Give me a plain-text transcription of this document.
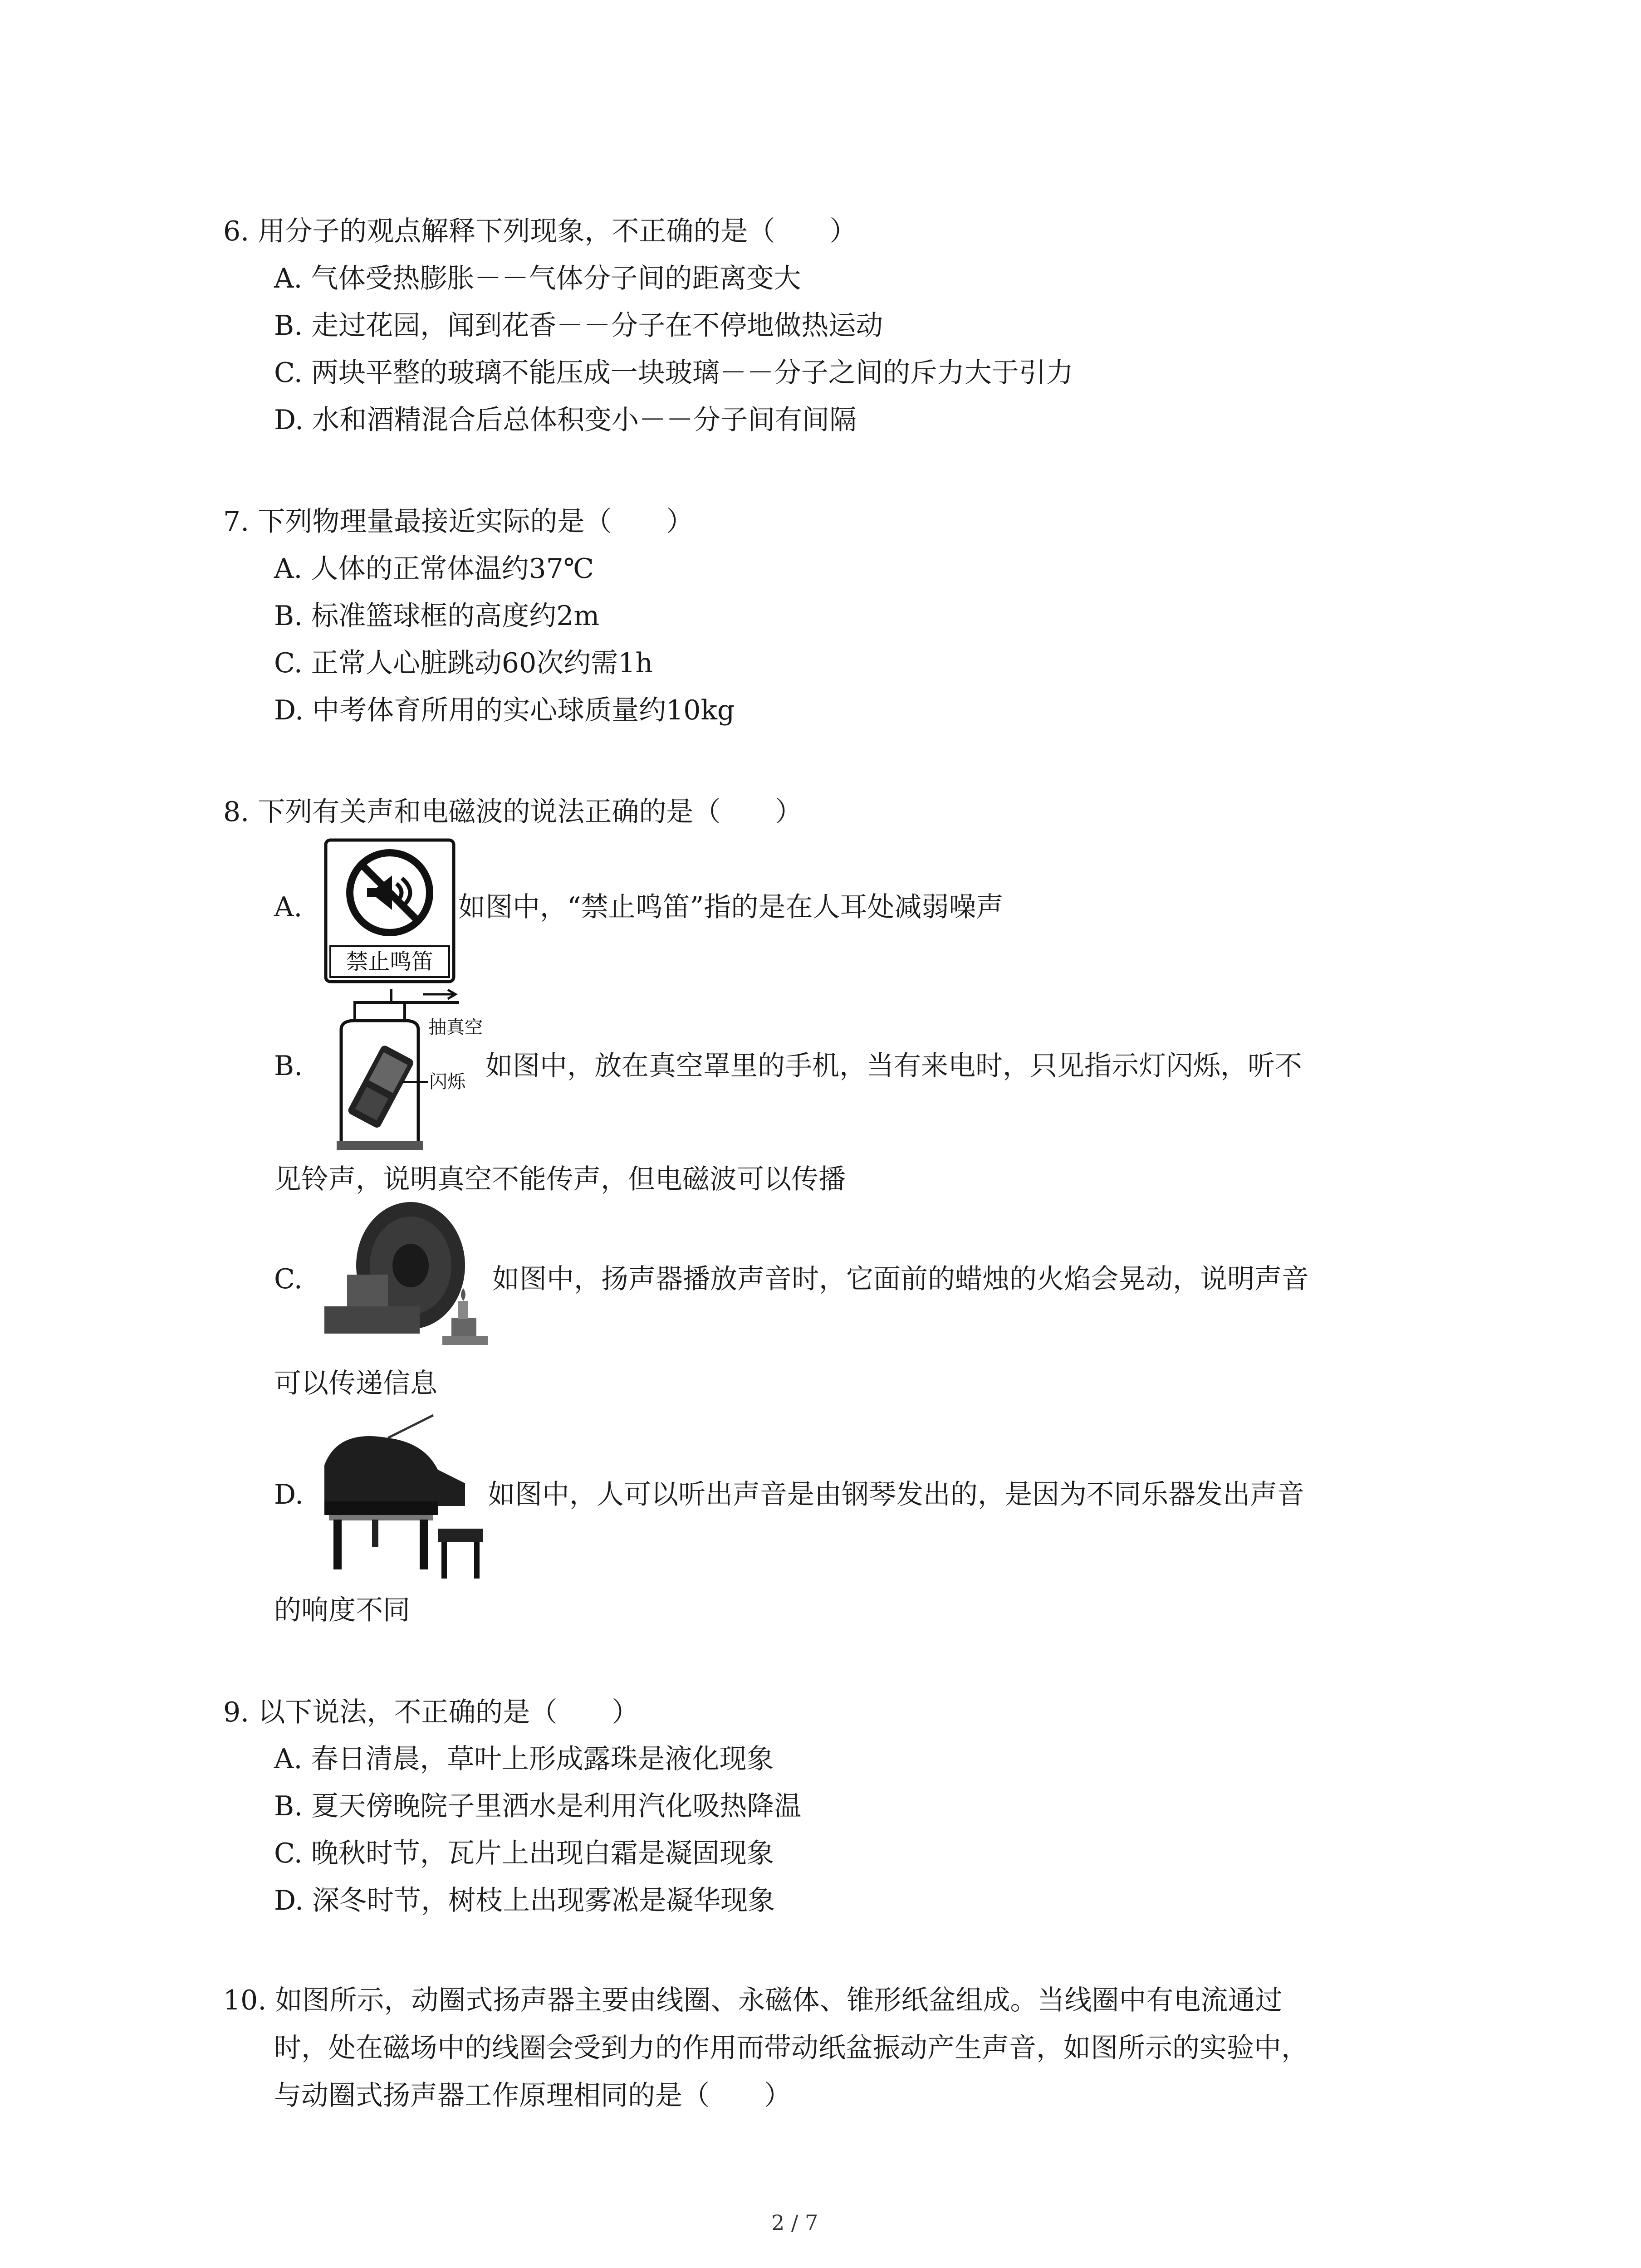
6. 用分子的观点解释下列现象，不正确的是（　　）
A. 气体受热膨胀－－气体分子间的距离变大
B. 走过花园，闻到花香－－分子在不停地做热运动
C. 两块平整的玻璃不能压成一块玻璃－－分子之间的斥力大于引力
D. 水和酒精混合后总体积变小－－分子间有间隔
7. 下列物理量最接近实际的是（　　）
A. 人体的正常体温约37℃
B. 标准篮球框的高度约2m
C. 正常人心脏跳动60次约需1h
D. 中考体育所用的实心球质量约10kg
8. 下列有关声和电磁波的说法正确的是（　　）
A.
禁止鸣笛
如图中，“禁止鸣笛”指的是在人耳处减弱噪声
B.
抽真空
闪烁 如图中，放在真空罩里的手机，当有来电时，只见指示灯闪烁，听不
见铃声，说明真空不能传声，但电磁波可以传播
C.	如图中，扬声器播放声音时，它面前的蜡烛的火焰会晃动，说明声音
可以传递信息
D.	如图中，人可以听出声音是由钢琴发出的，是因为不同乐器发出声音
的响度不同
9. 以下说法，不正确的是（　　）
A. 春日清晨，草叶上形成露珠是液化现象
B. 夏天傍晚院子里洒水是利用汽化吸热降温
C. 晚秋时节，瓦片上出现白霜是凝固现象
D. 深冬时节，树枝上出现雾凇是凝华现象
10. 如图所示，动圈式扬声器主要由线圈、永磁体、锥形纸盆组成。当线圈中有电流通过
时，处在磁场中的线圈会受到力的作用而带动纸盆振动产生声音，如图所示的实验中，
与动圈式扬声器工作原理相同的是（　　）
2 / 7
